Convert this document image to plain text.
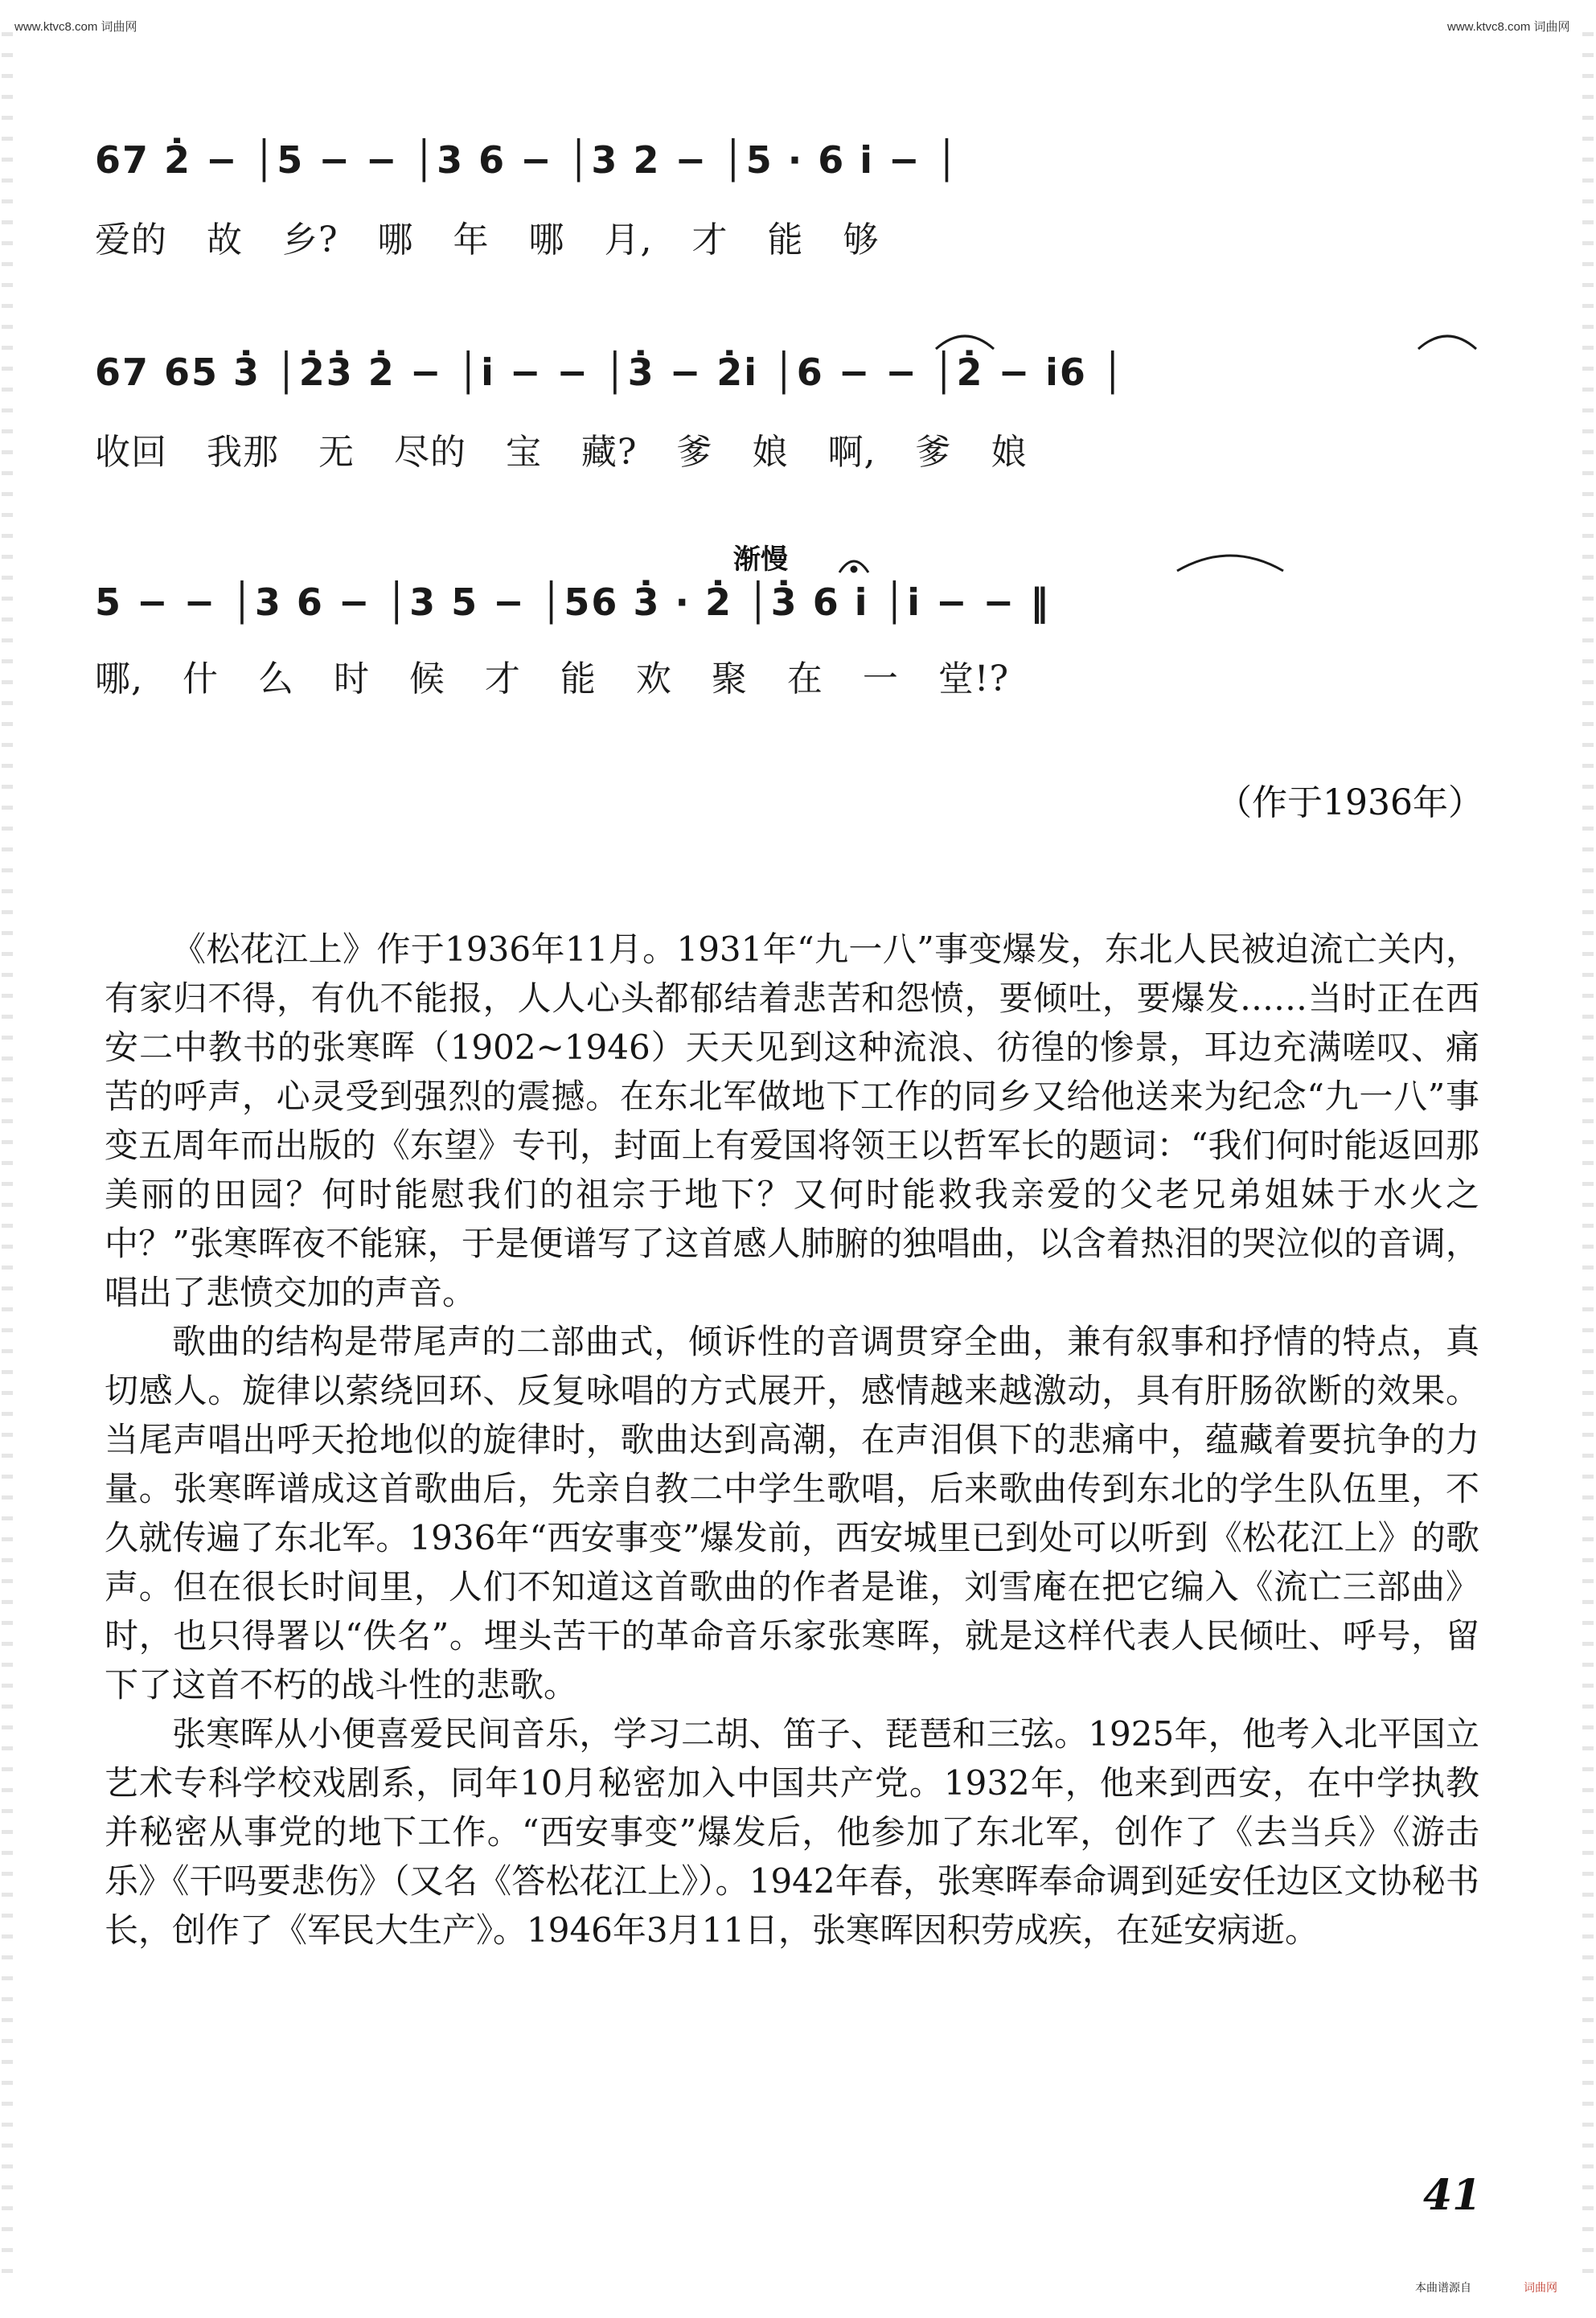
www.ktvc8.com 词曲网	www.ktvc8.com 词曲网
67 2̇ − │5 − − │3 6 − │3 2 − │5 · 6 i̇ − │
爱的 故 乡? 哪 年 哪 月, 才 能 够
67 65 3̇ │2̇3̇ 2̇ − │i̇ − − │3̇ − 2̇i̇ │6 − − │2̇ − i̇6 │
收回 我那 无 尽的 宝 藏? 爹 娘 啊, 爹 娘
渐慢
5 − − │3 6 − │3 5 − │56 3̇ · 2̇ │3̇ 6 i̇ │i̇ − − ‖
哪, 什 么 时 候 才 能 欢 聚 在 一 堂!?
（作于1936年）

《松花江上》作于1936年11月。1931年“九一八”事变爆发，东北人民被迫流亡关内，有家归不得，有仇不能报，人人心头都郁结着悲苦和怨愤，要倾吐，要爆发……当时正在西安二中教书的张寒晖（1902~1946）天天见到这种流浪、彷徨的惨景，耳边充满嗟叹、痛苦的呼声，心灵受到强烈的震撼。在东北军做地下工作的同乡又给他送来为纪念“九一八”事变五周年而出版的《东望》专刊，封面上有爱国将领王以哲军长的题词：“我们何时能返回那美丽的田园？何时能慰我们的祖宗于地下？又何时能救我亲爱的父老兄弟姐妹于水火之中？”张寒晖夜不能寐，于是便谱写了这首感人肺腑的独唱曲，以含着热泪的哭泣似的音调，唱出了悲愤交加的声音。

歌曲的结构是带尾声的二部曲式，倾诉性的音调贯穿全曲，兼有叙事和抒情的特点，真切感人。旋律以萦绕回环、反复咏唱的方式展开，感情越来越激动，具有肝肠欲断的效果。当尾声唱出呼天抢地似的旋律时，歌曲达到高潮，在声泪俱下的悲痛中，蕴藏着要抗争的力量。张寒晖谱成这首歌曲后，先亲自教二中学生歌唱，后来歌曲传到东北的学生队伍里，不久就传遍了东北军。1936年“西安事变”爆发前，西安城里已到处可以听到《松花江上》的歌声。但在很长时间里，人们不知道这首歌曲的作者是谁，刘雪庵在把它编入《流亡三部曲》时，也只得署以“佚名”。埋头苦干的革命音乐家张寒晖，就是这样代表人民倾吐、呼号，留下了这首不朽的战斗性的悲歌。

张寒晖从小便喜爱民间音乐，学习二胡、笛子、琵琶和三弦。1925年，他考入北平国立艺术专科学校戏剧系，同年10月秘密加入中国共产党。1932年，他来到西安，在中学执教并秘密从事党的地下工作。“西安事变”爆发后，他参加了东北军，创作了《去当兵》《游击乐》《干吗要悲伤》（又名《答松花江上》）。1942年春，张寒晖奉命调到延安任边区文协秘书长，创作了《军民大生产》。1946年3月11日，张寒晖因积劳成疾，在延安病逝。

41
本曲谱源自	词曲网
